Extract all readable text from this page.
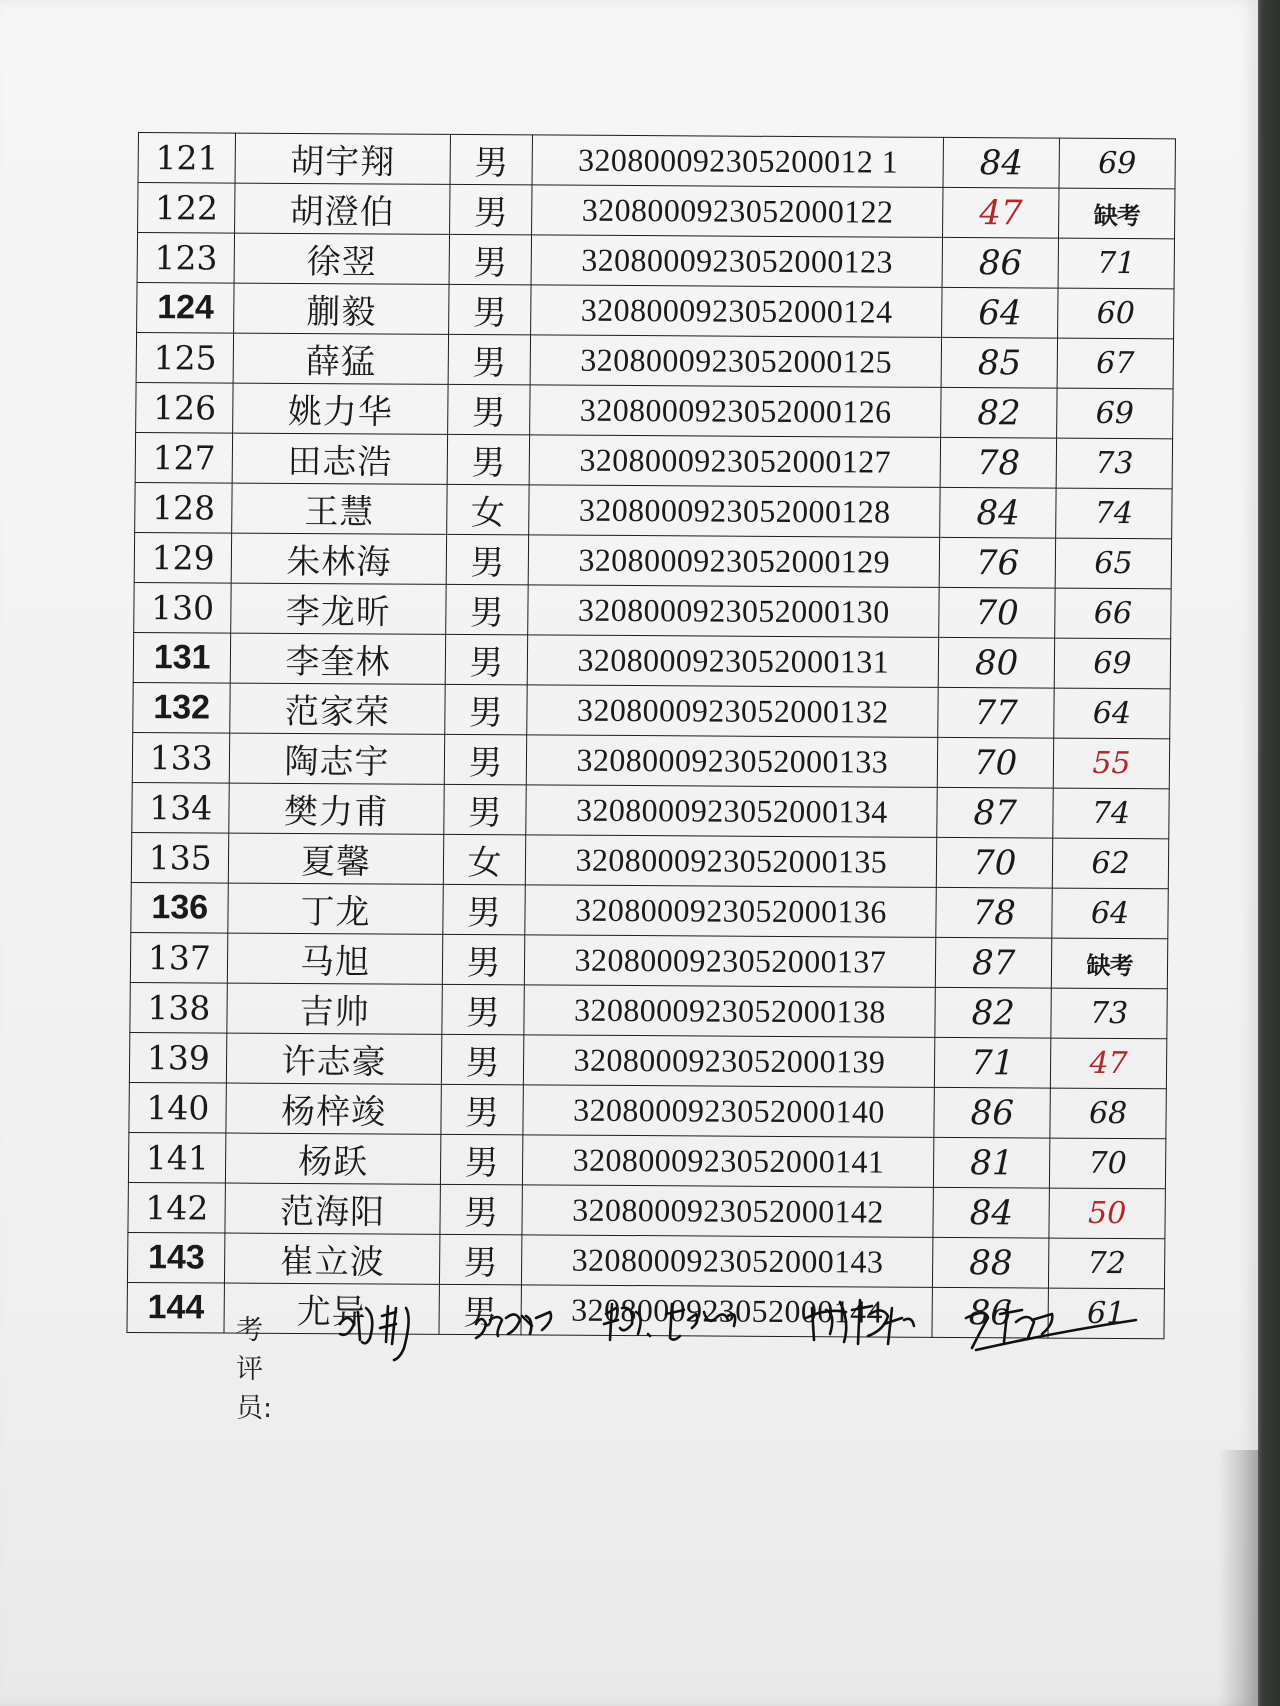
121	胡宇翔	男	320800092305200012 1	84	69
122	胡澄伯	男	3208000923052000122	47	缺考
123	徐翌	男	3208000923052000123	86	71
124	蒯毅	男	3208000923052000124	64	60
125	薛猛	男	3208000923052000125	85	67
126	姚力华	男	3208000923052000126	82	69
127	田志浩	男	3208000923052000127	78	73
128	王慧	女	3208000923052000128	84	74
129	朱林海	男	3208000923052000129	76	65
130	李龙昕	男	3208000923052000130	70	66
131	李奎林	男	3208000923052000131	80	69
132	范家荣	男	3208000923052000132	77	64
133	陶志宇	男	3208000923052000133	70	55
134	樊力甫	男	3208000923052000134	87	74
135	夏馨	女	3208000923052000135	70	62
136	丁龙	男	3208000923052000136	78	64
137	马旭	男	3208000923052000137	87	缺考
138	吉帅	男	3208000923052000138	82	73
139	许志豪	男	3208000923052000139	71	47
140	杨梓竣	男	3208000923052000140	86	68
141	杨跃	男	3208000923052000141	81	70
142	范海阳	男	3208000923052000142	84	50
143	崔立波	男	3208000923052000143	88	72
144	尤异	男	3208000923052000144	86	61
考评员:
